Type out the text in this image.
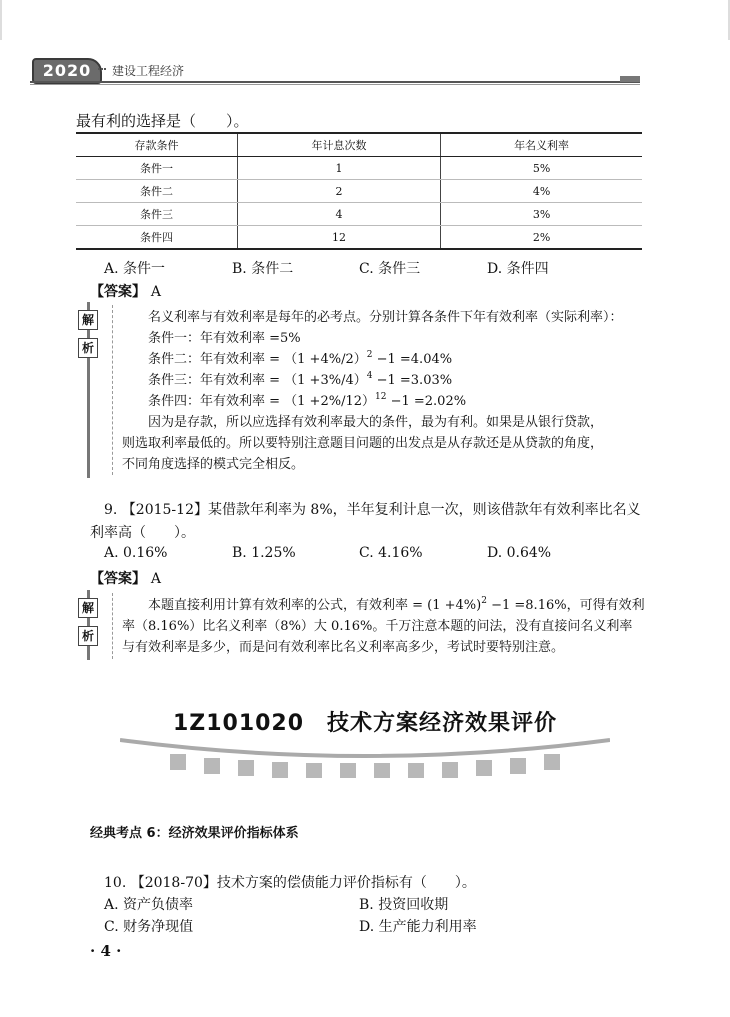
2020	建设工程经济
最有利的选择是（　　）。
存款条件	年计息次数	年名义利率
条件一	1	5%
条件二	2	4%
条件三	4	3%
条件四	12	2%
A. 条件一	B. 条件二	C. 条件三	D. 条件四
【答案】 A
解
析
名义利率与有效利率是每年的必考点。分别计算各条件下年有效利率（实际利率）：
条件一：年有效利率 =5%
条件二：年有效利率 = $(1 +4\%/2)^2 -1 =4.04\%$
条件三：年有效利率 = $(1 +3\%/4)^4 -1 =3.03\%$
条件四：年有效利率 = $(1 +2\%/12)^{12} -1 =2.02\%$
因为是存款，所以应选择有效利率最大的条件，最为有利。如果是从银行贷款，
则选取利率最低的。所以要特别注意题目问题的出发点是从存款还是从贷款的角度，
不同角度选择的模式完全相反。
9. 【2015-12】某借款年利率为 8%，半年复利计息一次，则该借款年有效利率比名义
利率高（　　）。
A. 0.16%	B. 1.25%	C. 4.16%	D. 0.64%
【答案】 A
解
析
本题直接利用计算有效利率的公式，有效利率 = $(1 +4\%)^2 -1 =8.16\%$，可得有效利
率（8.16%）比名义利率（8%）大 0.16%。千万注意本题的问法，没有直接问名义利率
与有效利率是多少，而是问有效利率比名义利率高多少，考试时要特别注意。
1Z101020　技术方案经济效果评价
经典考点 6：经济效果评价指标体系
10. 【2018-70】技术方案的偿债能力评价指标有（　　）。
A. 资产负债率	B. 投资回收期
C. 财务净现值	D. 生产能力利用率
· 4 ·
